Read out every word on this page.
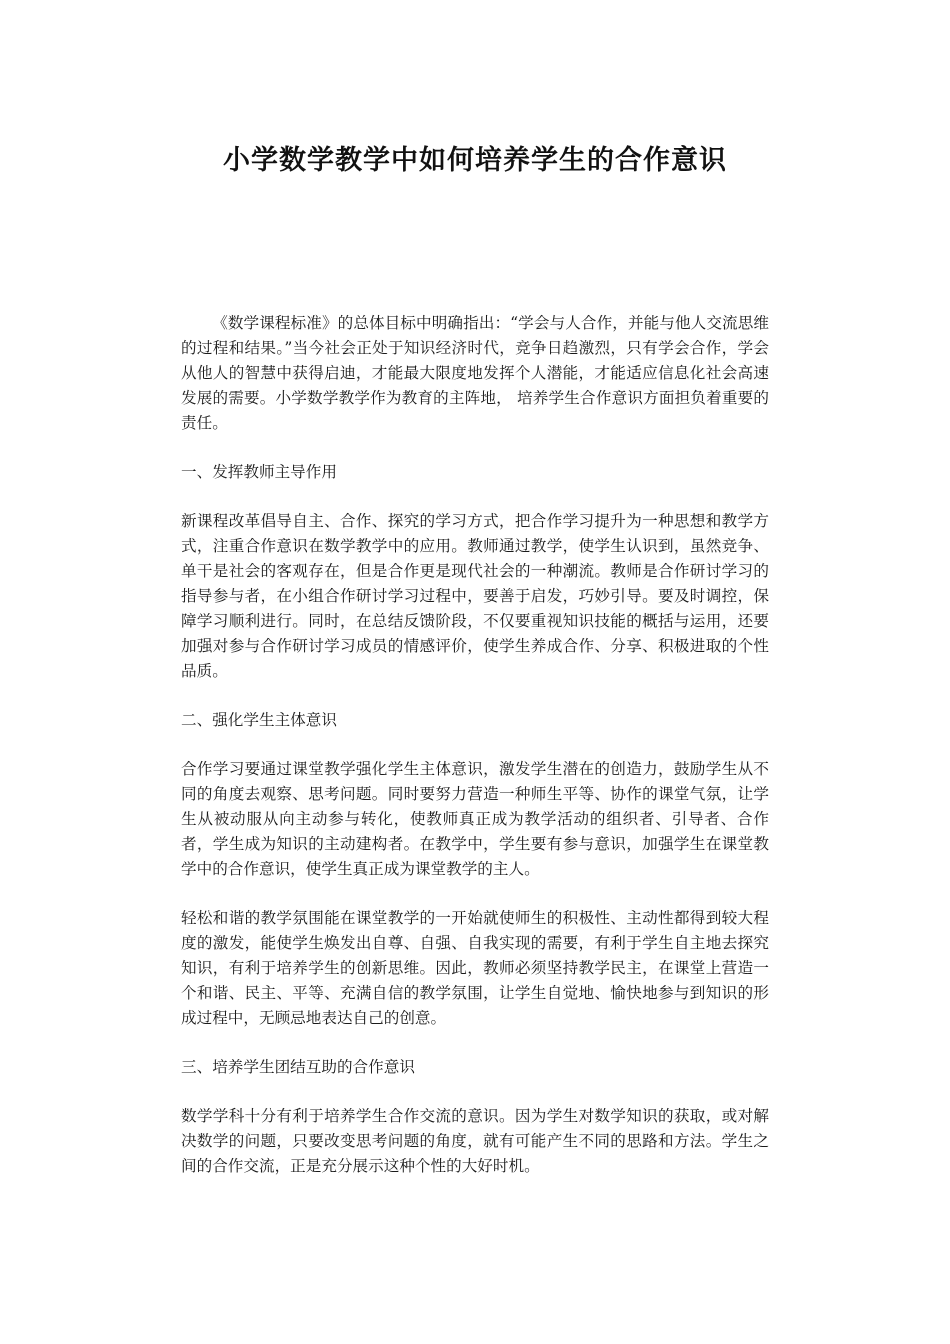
小学数学教学中如何培养学生的合作意识

《数学课程标准》的总体目标中明确指出：“学会与人合作，并能与他人交流思维的过程和结果。”当今社会正处于知识经济时代，竞争日趋激烈，只有学会合作，学会从他人的智慧中获得启迪，才能最大限度地发挥个人潜能，才能适应信息化社会高速发展的需要。小学数学教学作为教育的主阵地， 培养学生合作意识方面担负着重要的责任。

一、发挥教师主导作用

新课程改革倡导自主、合作、探究的学习方式，把合作学习提升为一种思想和教学方式，注重合作意识在数学教学中的应用。教师通过教学，使学生认识到，虽然竞争、单干是社会的客观存在，但是合作更是现代社会的一种潮流。教师是合作研讨学习的指导参与者，在小组合作研讨学习过程中，要善于启发，巧妙引导。要及时调控，保障学习顺利进行。同时，在总结反馈阶段，不仅要重视知识技能的概括与运用，还要加强对参与合作研讨学习成员的情感评价，使学生养成合作、分享、积极进取的个性品质。

二、强化学生主体意识

合作学习要通过课堂教学强化学生主体意识，激发学生潜在的创造力，鼓励学生从不同的角度去观察、思考问题。同时要努力营造一种师生平等、协作的课堂气氛，让学生从被动服从向主动参与转化，使教师真正成为教学活动的组织者、引导者、合作者，学生成为知识的主动建构者。在教学中，学生要有参与意识，加强学生在课堂教学中的合作意识，使学生真正成为课堂教学的主人。

轻松和谐的教学氛围能在课堂教学的一开始就使师生的积极性、主动性都得到较大程度的激发，能使学生焕发出自尊、自强、自我实现的需要，有利于学生自主地去探究知识，有利于培养学生的创新思维。因此，教师必须坚持教学民主，在课堂上营造一个和谐、民主、平等、充满自信的教学氛围，让学生自觉地、愉快地参与到知识的形成过程中，无顾忌地表达自己的创意。

三、培养学生团结互助的合作意识

数学学科十分有利于培养学生合作交流的意识。因为学生对数学知识的获取，或对解决数学的问题，只要改变思考问题的角度，就有可能产生不同的思路和方法。学生之间的合作交流，正是充分展示这种个性的大好时机。
